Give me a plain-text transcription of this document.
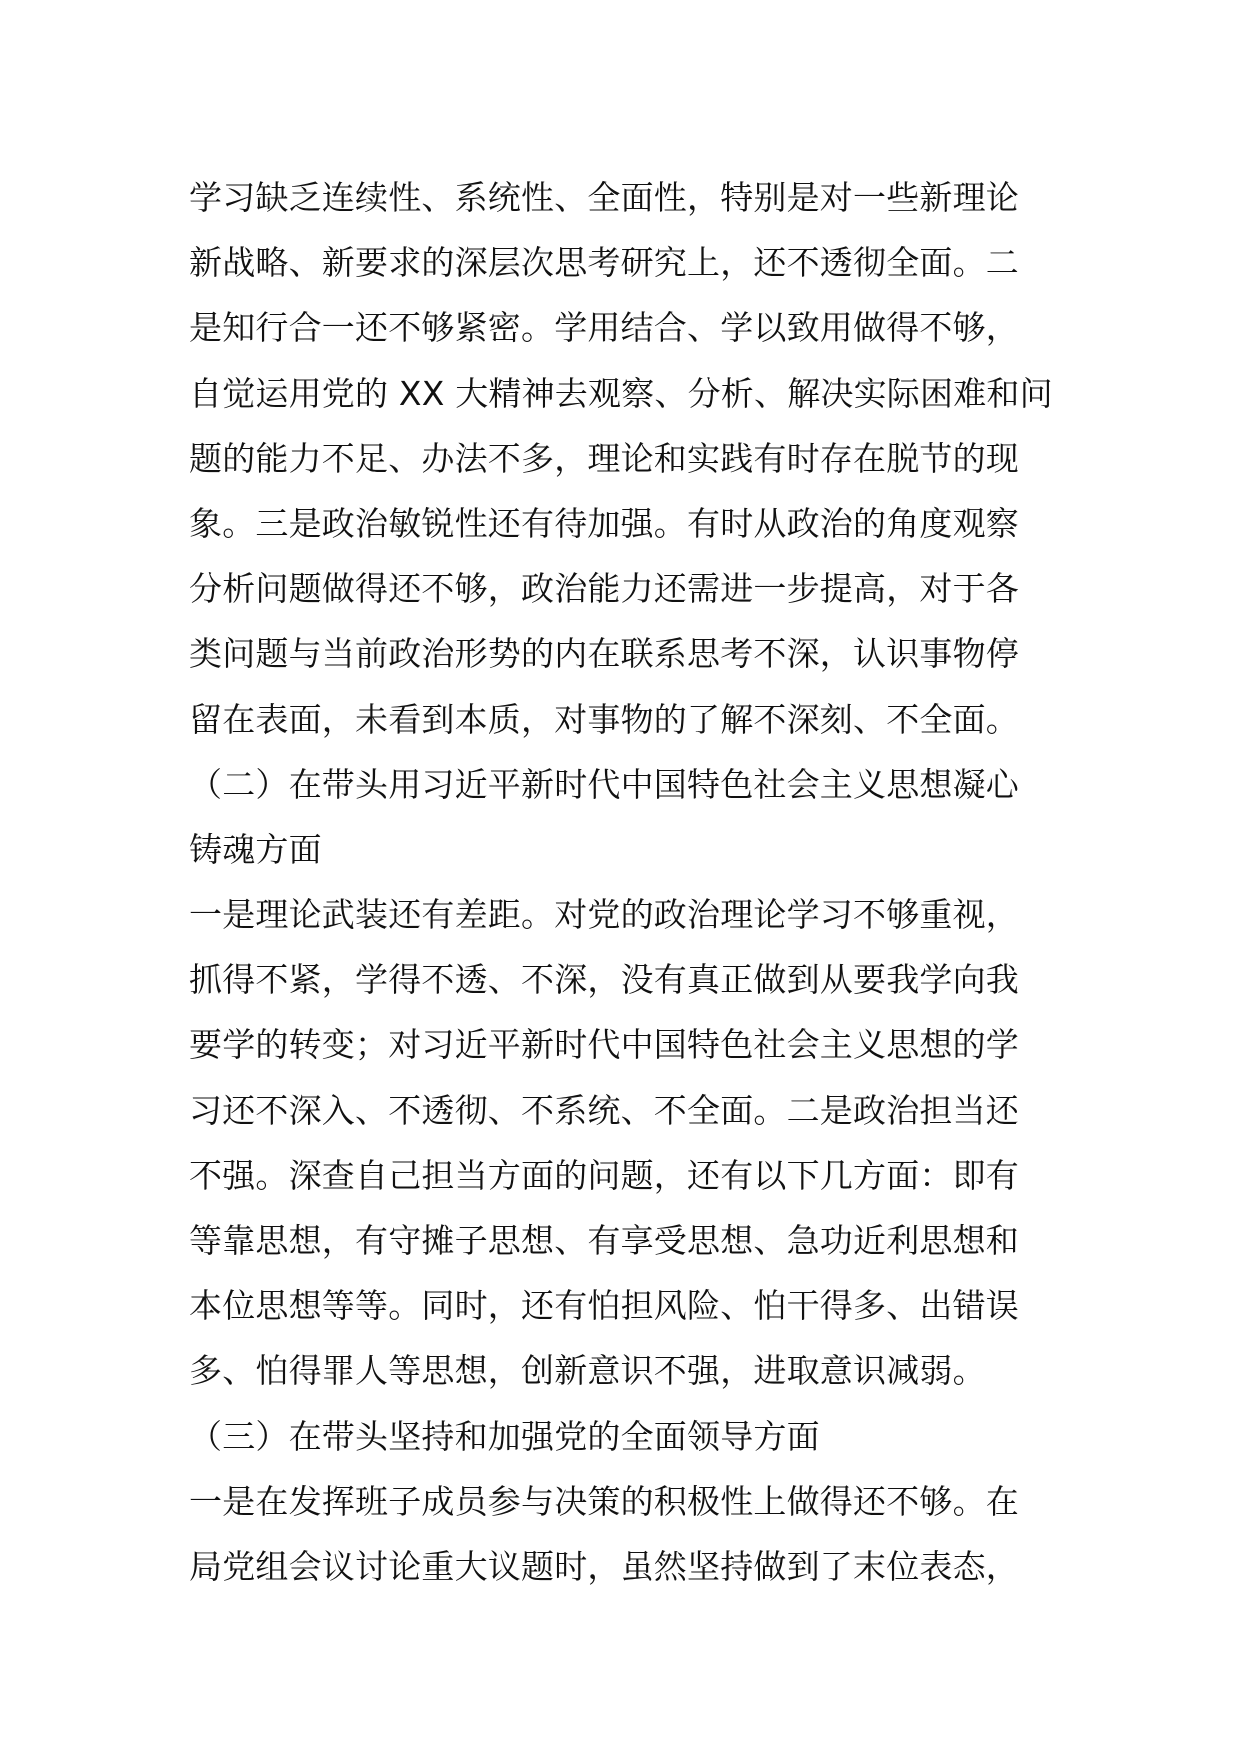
学习缺乏连续性、系统性、全面性，特别是对一些新理论
新战略、新要求的深层次思考研究上，还不透彻全面。二
是知行合一还不够紧密。学用结合、学以致用做得不够，
自觉运用党的 XX 大精神去观察、分析、解决实际困难和问
题的能力不足、办法不多，理论和实践有时存在脱节的现
象。三是政治敏锐性还有待加强。有时从政治的角度观察
分析问题做得还不够，政治能力还需进一步提高，对于各
类问题与当前政治形势的内在联系思考不深，认识事物停
留在表面，未看到本质，对事物的了解不深刻、不全面。
（二）在带头用习近平新时代中国特色社会主义思想凝心
铸魂方面
一是理论武装还有差距。对党的政治理论学习不够重视，
抓得不紧，学得不透、不深，没有真正做到从要我学向我
要学的转变；对习近平新时代中国特色社会主义思想的学
习还不深入、不透彻、不系统、不全面。二是政治担当还
不强。深查自己担当方面的问题，还有以下几方面：即有
等靠思想，有守摊子思想、有享受思想、急功近利思想和
本位思想等等。同时，还有怕担风险、怕干得多、出错误
多、怕得罪人等思想，创新意识不强，进取意识减弱。
（三）在带头坚持和加强党的全面领导方面
一是在发挥班子成员参与决策的积极性上做得还不够。在
局党组会议讨论重大议题时，虽然坚持做到了末位表态，
